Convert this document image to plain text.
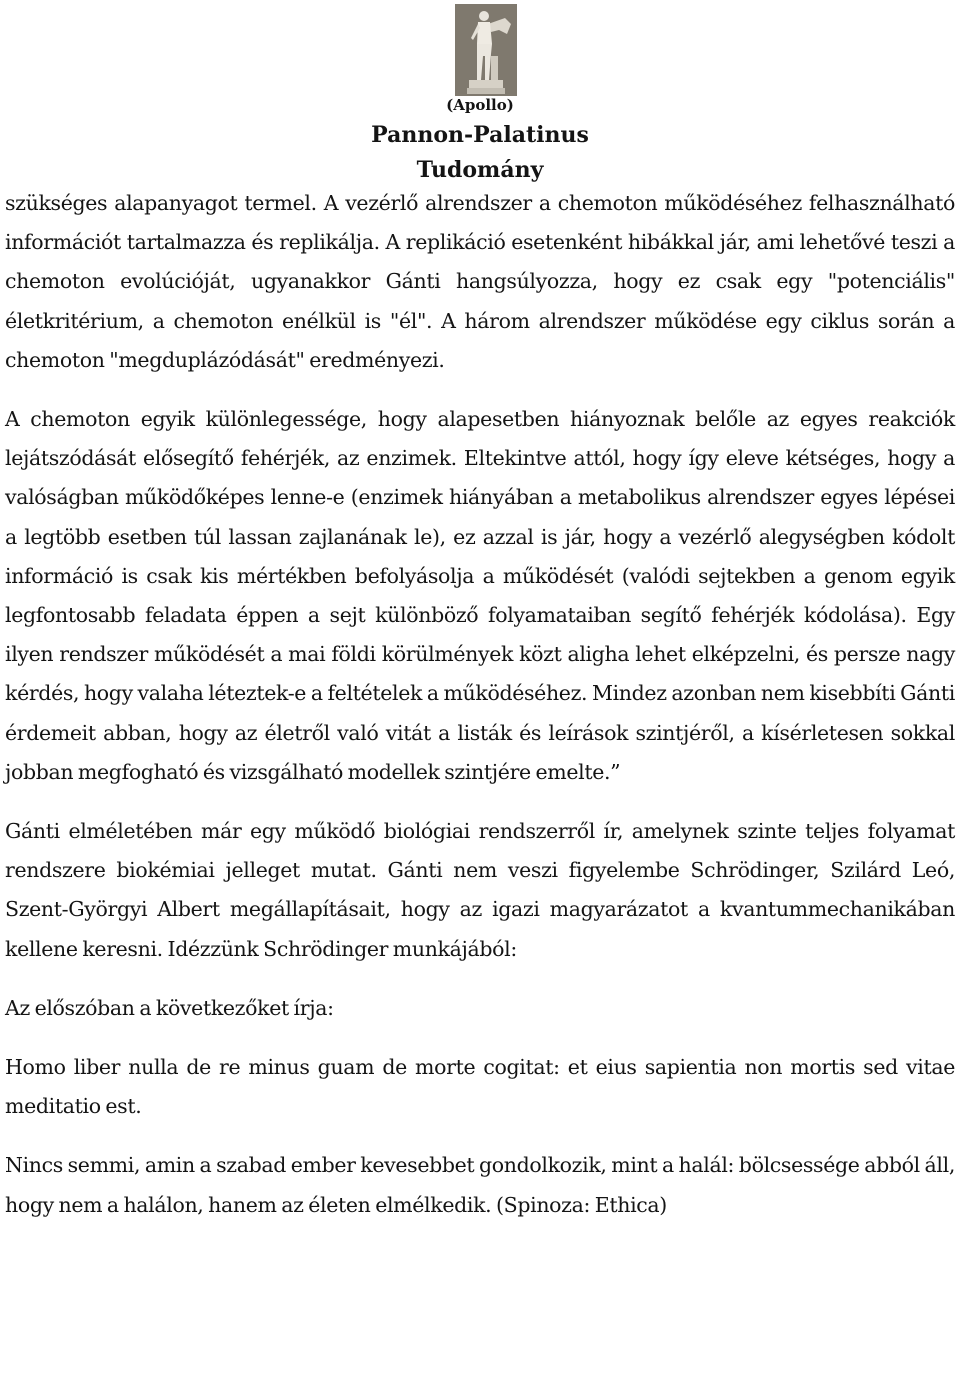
(Apollo)
Pannon-Palatinus
Tudomány

szükséges alapanyagot termel. A vezérlő alrendszer a chemoton működéséhez felhasználható információt tartalmazza és replikálja. A replikáció esetenként hibákkal jár, ami lehetővé teszi a chemoton evolúcióját, ugyanakkor Gánti hangsúlyozza, hogy ez csak egy "potenciális" életkritérium, a chemoton enélkül is "él". A három alrendszer működése egy ciklus során a chemoton "megduplázódását" eredményezi.

A chemoton egyik különlegessége, hogy alapesetben hiányoznak belőle az egyes reakciók lejátszódását elősegítő fehérjék, az enzimek. Eltekintve attól, hogy így eleve kétséges, hogy a valóságban működőképes lenne-e (enzimek hiányában a metabolikus alrendszer egyes lépései a legtöbb esetben túl lassan zajlanának le), ez azzal is jár, hogy a vezérlő alegységben kódolt információ is csak kis mértékben befolyásolja a működését (valódi sejtekben a genom egyik legfontosabb feladata éppen a sejt különböző folyamataiban segítő fehérjék kódolása). Egy ilyen rendszer működését a mai földi körülmények közt aligha lehet elképzelni, és persze nagy kérdés, hogy valaha léteztek-e a feltételek a működéséhez. Mindez azonban nem kisebbíti Gánti érdemeit abban, hogy az életről való vitát a listák és leírások szintjéről, a kísérletesen sokkal jobban megfogható és vizsgálható modellek szintjére emelte.”

Gánti elméletében már egy működő biológiai rendszerről ír, amelynek szinte teljes folyamat rendszere biokémiai jelleget mutat. Gánti nem veszi figyelembe Schrödinger, Szilárd Leó, Szent-Györgyi Albert megállapításait, hogy az igazi magyarázatot a kvantummechanikában kellene keresni. Idézzünk Schrödinger munkájából:

Az előszóban a következőket írja:

Homo liber nulla de re minus guam de morte cogitat: et eius sapientia non mortis sed vitae meditatio est.

Nincs semmi, amin a szabad ember kevesebbet gondolkozik, mint a halál: bölcsessége abból áll, hogy nem a halálon, hanem az életen elmélkedik. (Spinoza: Ethica)
